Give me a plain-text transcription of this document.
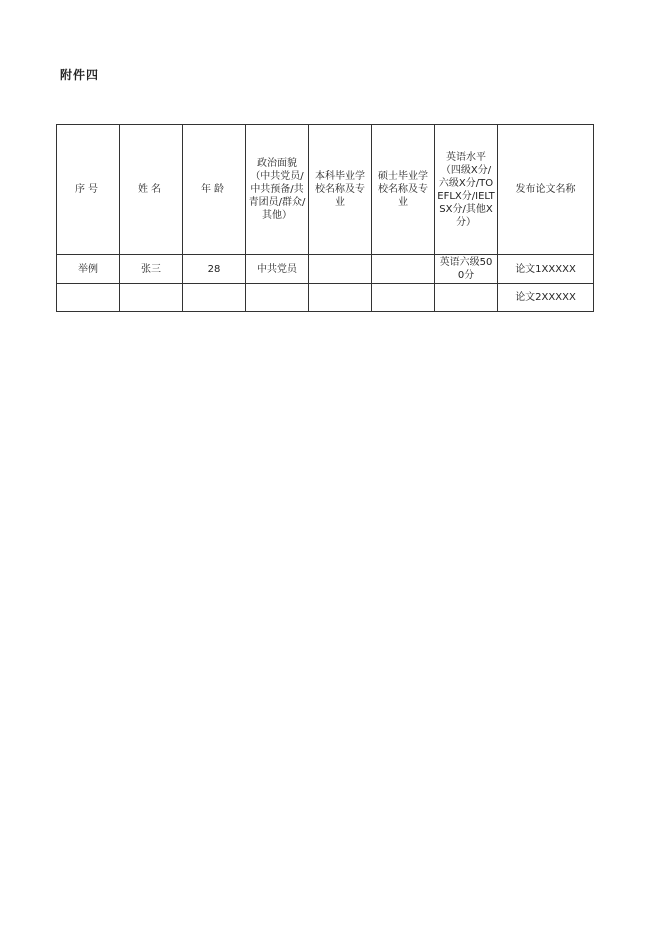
附件四
序号	姓名	年龄	政治面貌（中共党员/中共预备/共青团员/群众/其他）	本科毕业学校名称及专业	硕士毕业学校名称及专业	英语水平（四级X分/六级X分/TOEFLX分/IELTSX分/其他X分）	发布论文名称
举例	张三	28	中共党员			英语六级500分	论文1XXXXX
							论文2XXXXX
